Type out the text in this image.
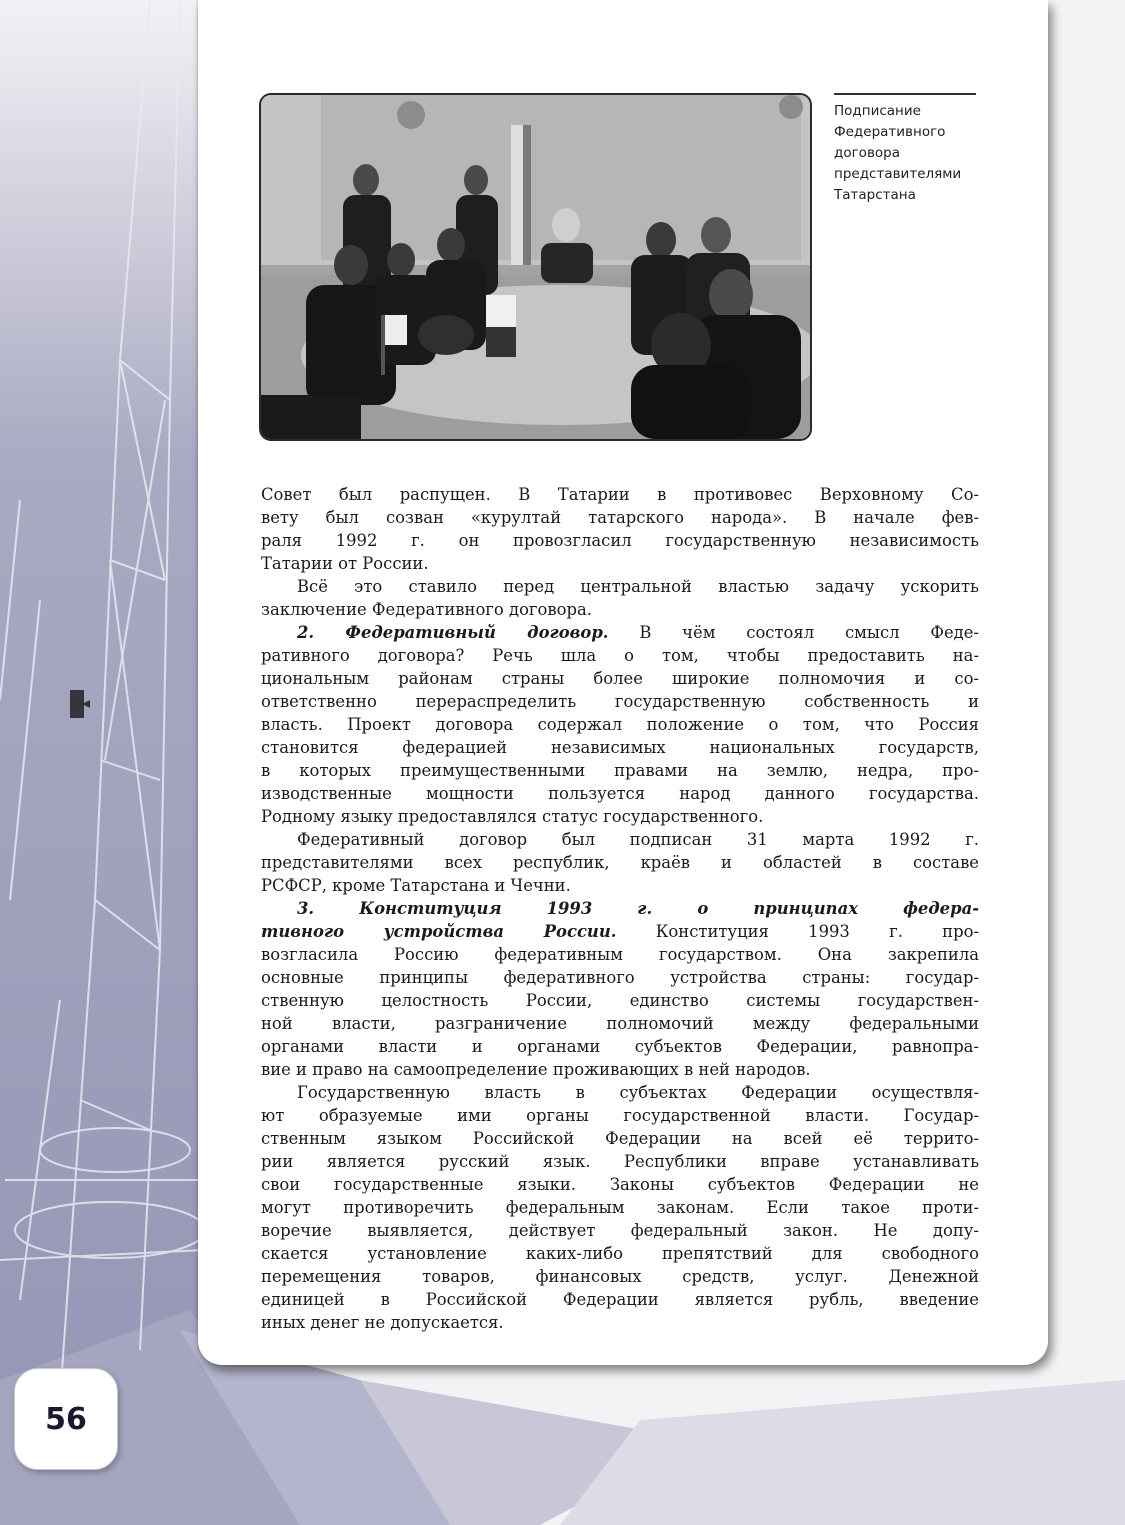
Подписание
Федеративного
договора
представителями
Татарстана
Совет был распущен. В Татарии в противовес Верховному Со-
вету был созван «курултай татарского народа». В начале фев-
раля 1992 г. он провозгласил государственную независимость
Татарии от России.
Всё это ставило перед центральной властью задачу ускорить
заключение Федеративного договора.
2. Федеративный договор. В чём состоял смысл Феде-
ративного договора? Речь шла о том, чтобы предоставить на-
циональным районам страны более широкие полномочия и со-
ответственно перераспределить государственную собственность и
власть. Проект договора содержал положение о том, что Россия
становится федерацией независимых национальных государств,
в которых преимущественными правами на землю, недра, про-
изводственные мощности пользуется народ данного государства.
Родному языку предоставлялся статус государственного.
Федеративный договор был подписан 31 марта 1992 г.
представителями всех республик, краёв и областей в составе
РСФСР, кроме Татарстана и Чечни.
3. Конституция 1993 г. о принципах федера-
тивного устройства России. Конституция 1993 г. про-
возгласила Россию федеративным государством. Она закрепила
основные принципы федеративного устройства страны: государ-
ственную целостность России, единство системы государствен-
ной власти, разграничение полномочий между федеральными
органами власти и органами субъектов Федерации, равнопра-
вие и право на самоопределение проживающих в ней народов.
Государственную власть в субъектах Федерации осуществля-
ют образуемые ими органы государственной власти. Государ-
ственным языком Российской Федерации на всей её террито-
рии является русский язык. Республики вправе устанавливать
свои государственные языки. Законы субъектов Федерации не
могут противоречить федеральным законам. Если такое проти-
воречие выявляется, действует федеральный закон. Не допу-
скается установление каких-либо препятствий для свободного
перемещения товаров, финансовых средств, услуг. Денежной
единицей в Российской Федерации является рубль, введение
иных денег не допускается.
56
